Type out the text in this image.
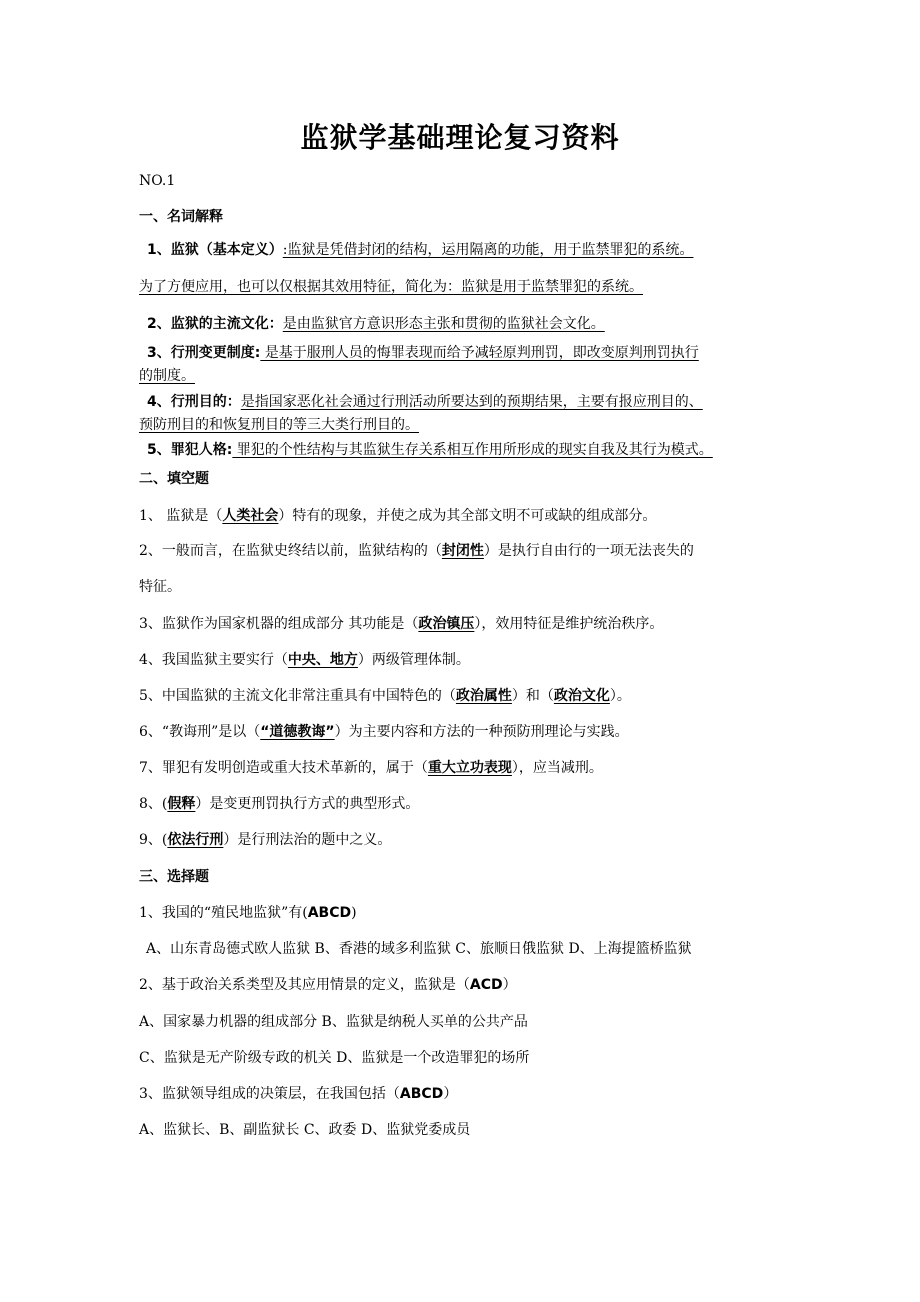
监狱学基础理论复习资料
NO.1
一、名词解释
1、监狱（基本定义）:监狱是凭借封闭的结构，运用隔离的功能，用于监禁罪犯的系统。
为了方便应用，也可以仅根据其效用特征，简化为：监狱是用于监禁罪犯的系统。
2、监狱的主流文化：是由监狱官方意识形态主张和贯彻的监狱社会文化。
3、行刑变更制度: 是基于服刑人员的悔罪表现而给予减轻原判刑罚，即改变原判刑罚执行
的制度。
4、行刑目的：是指国家恶化社会通过行刑活动所要达到的预期结果，主要有报应刑目的、
预防刑目的和恢复刑目的等三大类行刑目的。
5、罪犯人格: 罪犯的个性结构与其监狱生存关系相互作用所形成的现实自我及其行为模式。
二、填空题
1、 监狱是（人类社会）特有的现象，并使之成为其全部文明不可或缺的组成部分。
2、一般而言，在监狱史终结以前，监狱结构的（封闭性）是执行自由行的一项无法丧失的
特征。
3、监狱作为国家机器的组成部分 其功能是（政治镇压），效用特征是维护统治秩序。
4、我国监狱主要实行（中央、地方）两级管理体制。
5、中国监狱的主流文化非常注重具有中国特色的（政治属性）和（政治文化）。
6、“教诲刑”是以（“道德教诲”）为主要内容和方法的一种预防刑理论与实践。
7、罪犯有发明创造或重大技术革新的，属于（重大立功表现），应当减刑。
8、(假释）是变更刑罚执行方式的典型形式。
9、(依法行刑）是行刑法治的题中之义。
三、选择题
1、我国的“殖民地监狱”有(ABCD)
A、山东青岛德式欧人监狱 B、香港的域多利监狱 C、旅顺日俄监狱 D、上海提篮桥监狱
2、基于政治关系类型及其应用情景的定义，监狱是（ACD）
A、国家暴力机器的组成部分 B、监狱是纳税人买单的公共产品
C、监狱是无产阶级专政的机关 D、监狱是一个改造罪犯的场所
3、监狱领导组成的决策层，在我国包括（ABCD）
A、监狱长、B、副监狱长 C、政委 D、监狱党委成员
